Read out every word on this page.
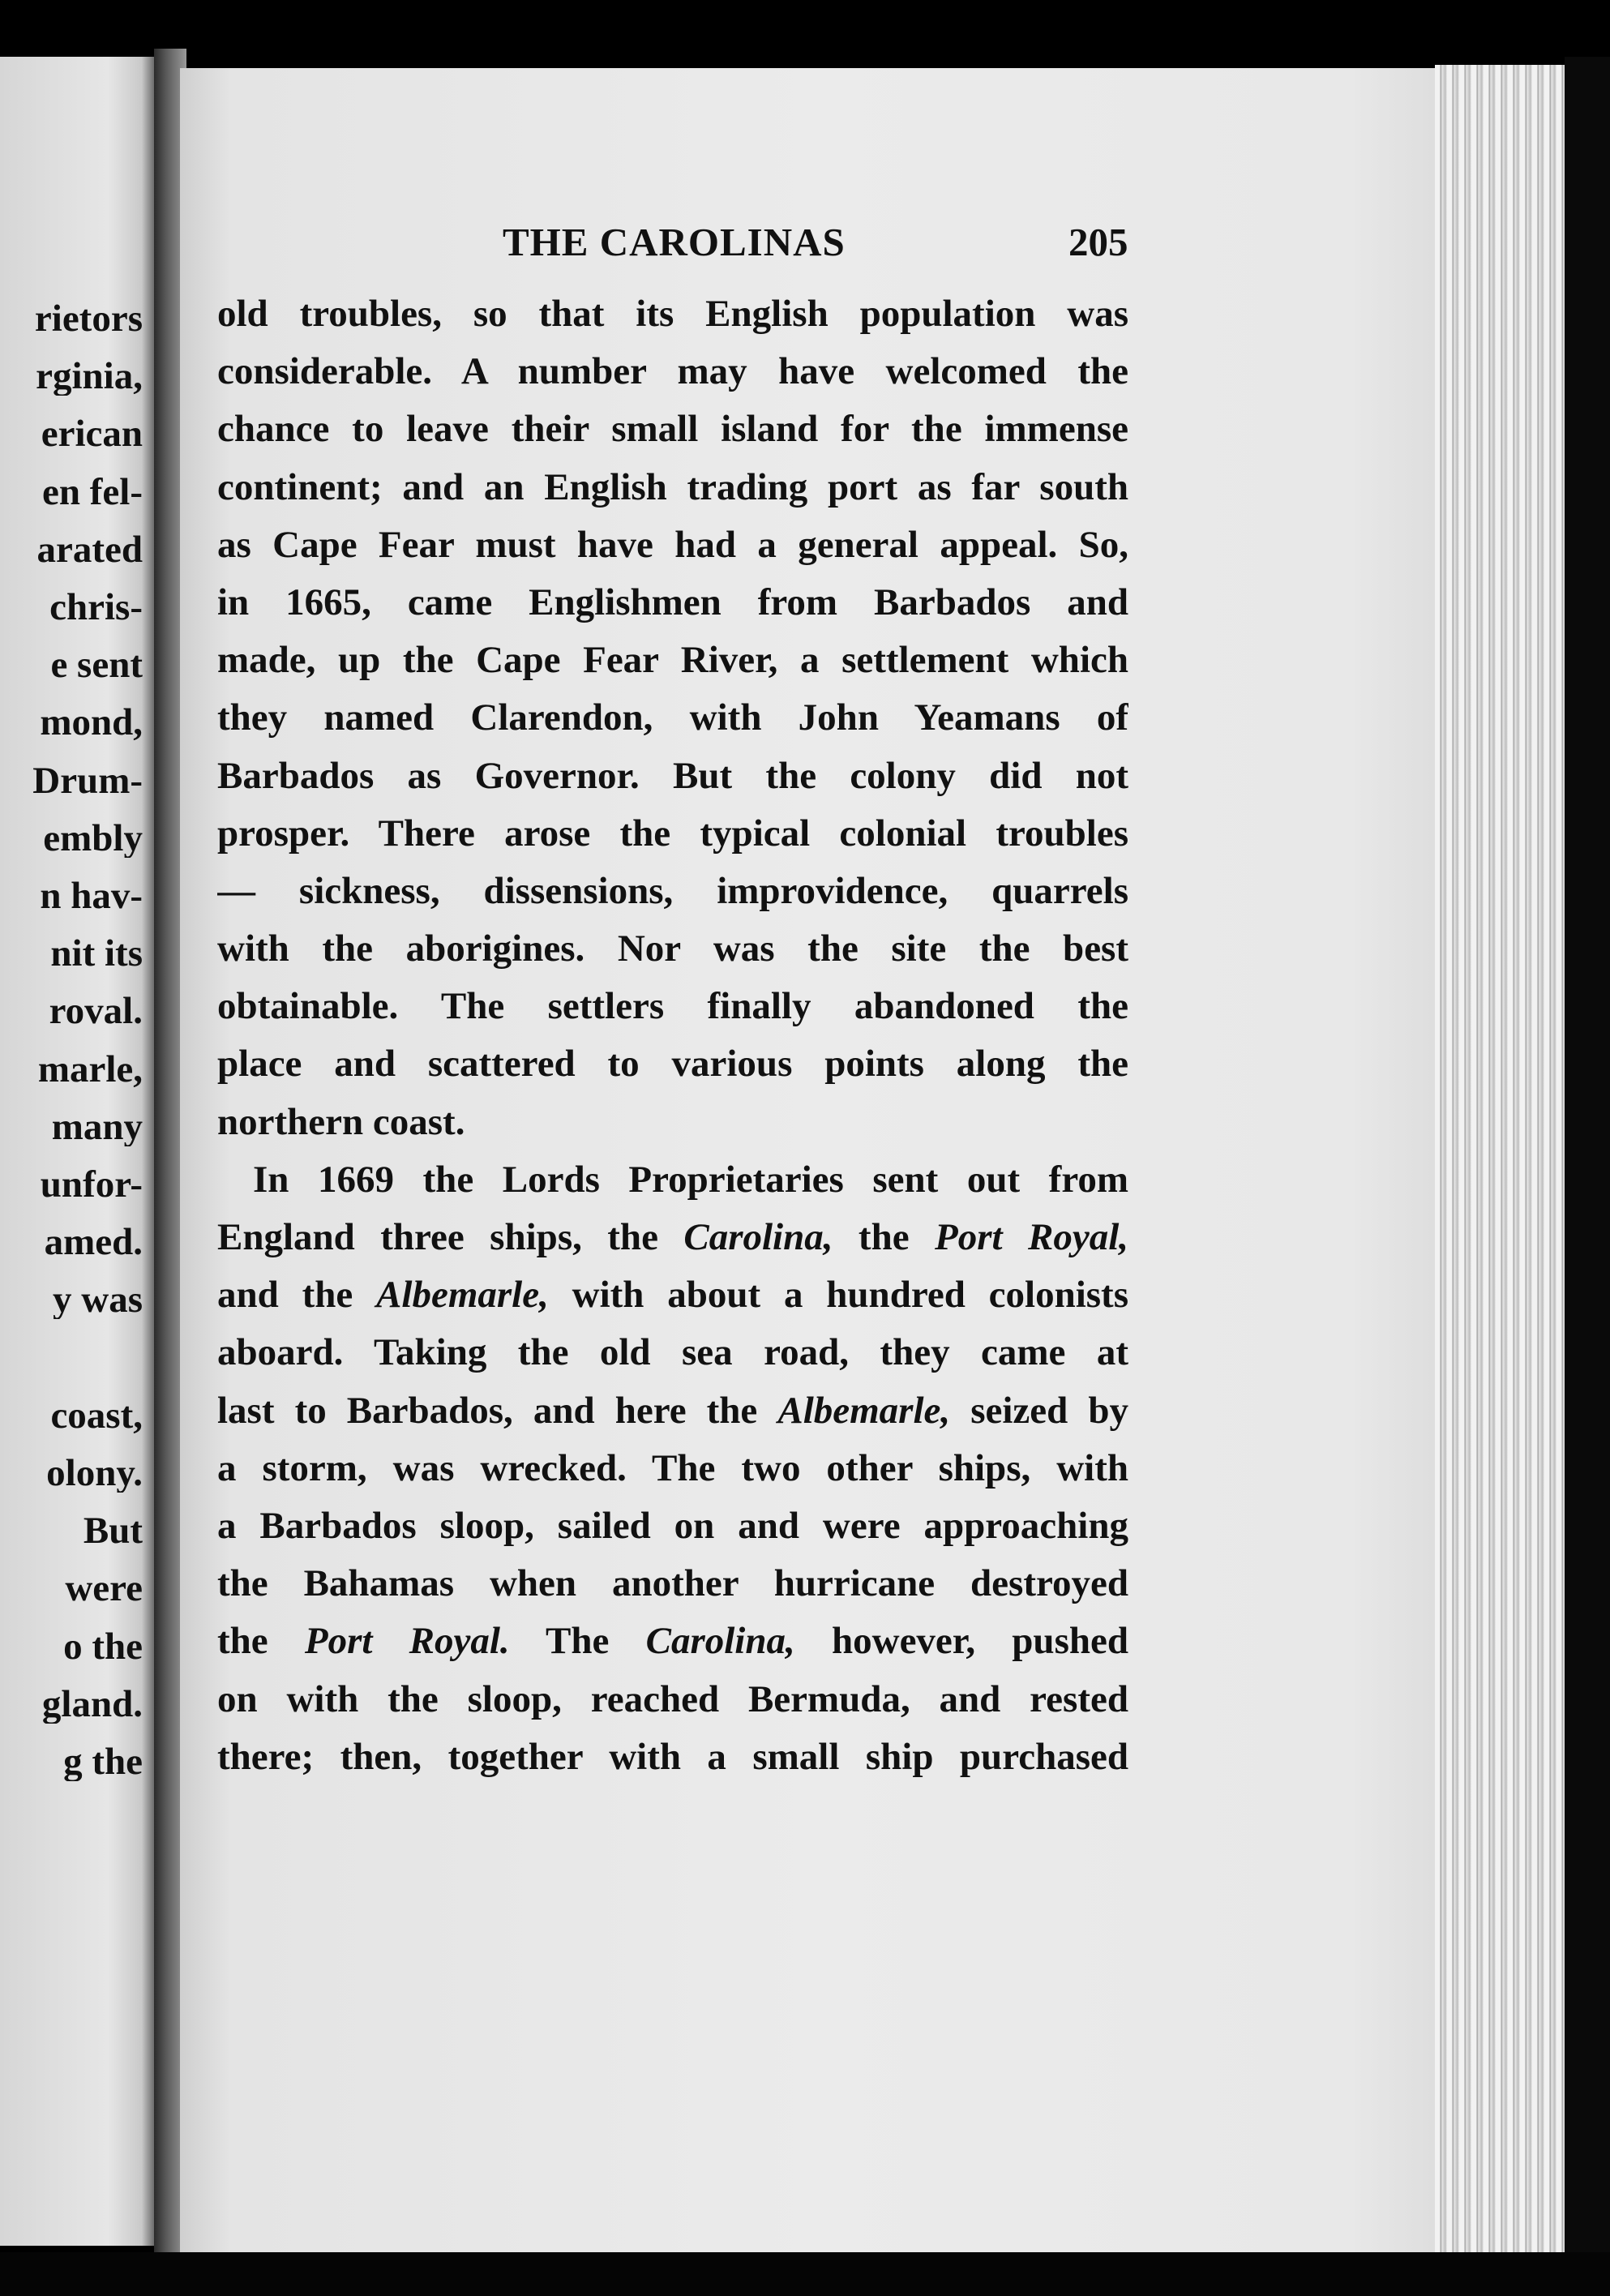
rietors
rginia,
erican
en fel-
arated
chris-
e sent
mond,
Drum-
embly
n hav-
nit its
roval.
marle,
many
unfor-
amed.
y was
coast,
olony.
But
were
o the
gland.
g the
THE CAROLINAS	205
old troubles, so that its English population was
considerable. A number may have welcomed the
chance to leave their small island for the immense
continent; and an English trading port as far south
as Cape Fear must have had a general appeal. So,
in 1665, came Englishmen from Barbados and
made, up the Cape Fear River, a settlement which
they named Clarendon, with John Yeamans of
Barbados as Governor. But the colony did not
prosper. There arose the typical colonial troubles
— sickness, dissensions, improvidence, quarrels
with the aborigines. Nor was the site the best
obtainable. The settlers finally abandoned the
place and scattered to various points along the
northern coast.
In 1669 the Lords Proprietaries sent out from
England three ships, the Carolina, the Port Royal,
and the Albemarle, with about a hundred colonists
aboard. Taking the old sea road, they came at
last to Barbados, and here the Albemarle, seized by
a storm, was wrecked. The two other ships, with
a Barbados sloop, sailed on and were approaching
the Bahamas when another hurricane destroyed
the Port Royal. The Carolina, however, pushed
on with the sloop, reached Bermuda, and rested
there; then, together with a small ship purchased
